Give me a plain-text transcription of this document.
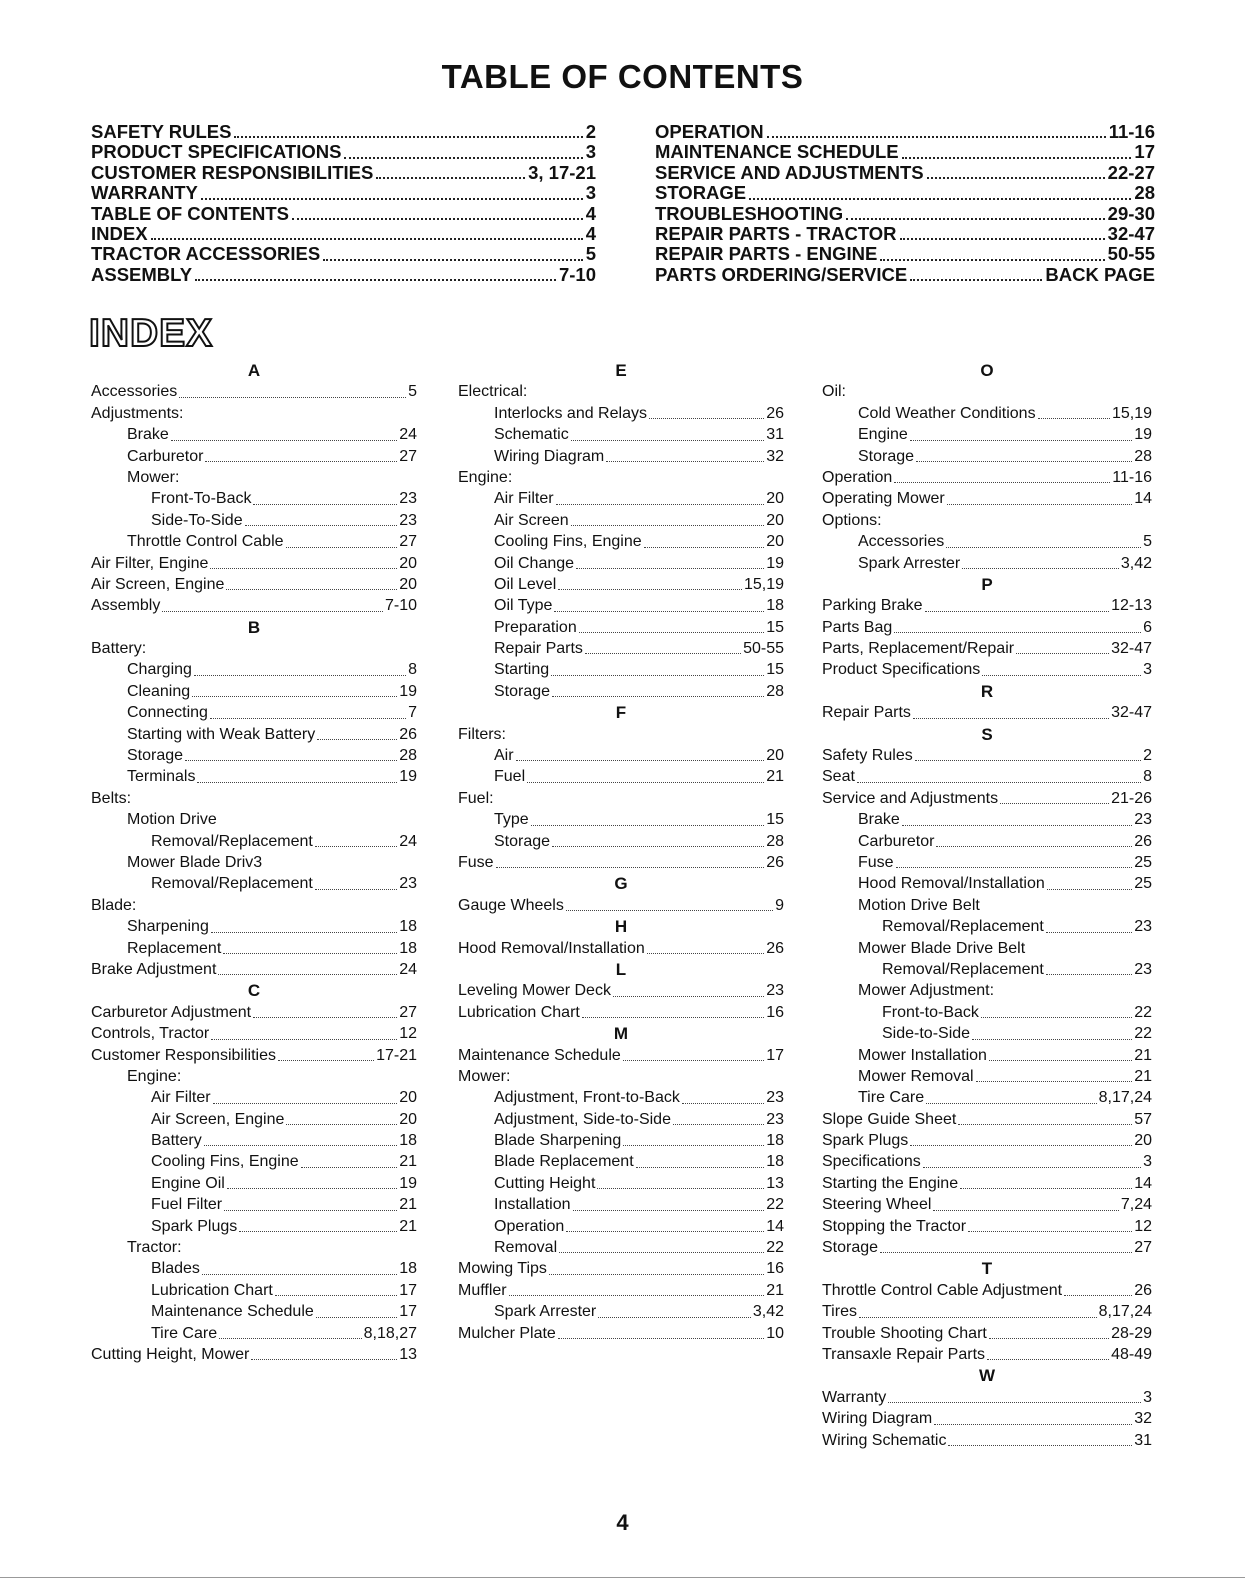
TABLE OF CONTENTS
SAFETY RULES	2
PRODUCT SPECIFICATIONS	3
CUSTOMER RESPONSIBILITIES	3, 17-21
WARRANTY	3
TABLE OF CONTENTS	4
INDEX	4
TRACTOR ACCESSORIES	5
ASSEMBLY	7-10
OPERATION	11-16
MAINTENANCE SCHEDULE	17
SERVICE AND ADJUSTMENTS	22-27
STORAGE	28
TROUBLESHOOTING	29-30
REPAIR PARTS - TRACTOR	32-47
REPAIR PARTS - ENGINE	50-55
PARTS ORDERING/SERVICE	BACK PAGE
INDEX
A
Accessories	5
Adjustments:
Brake	24
Carburetor	27
Mower:
Front-To-Back	23
Side-To-Side	23
Throttle Control Cable	27
Air Filter, Engine	20
Air Screen, Engine	20
Assembly	7-10
B
Battery:
Charging	8
Cleaning	19
Connecting	7
Starting with Weak Battery	26
Storage	28
Terminals	19
Belts:
Motion Drive
Removal/Replacement	24
Mower Blade Driv3
Removal/Replacement	23
Blade:
Sharpening	18
Replacement	18
Brake Adjustment	24
C
Carburetor Adjustment	27
Controls, Tractor	12
Customer Responsibilities	17-21
Engine:
Air Filter	20
Air Screen, Engine	20
Battery	18
Cooling Fins, Engine	21
Engine Oil	19
Fuel Filter	21
Spark Plugs	21
Tractor:
Blades	18
Lubrication Chart	17
Maintenance Schedule	17
Tire Care	8,18,27
Cutting Height, Mower	13
E
Electrical:
Interlocks and Relays	26
Schematic	31
Wiring Diagram	32
Engine:
Air Filter	20
Air Screen	20
Cooling Fins, Engine	20
Oil Change	19
Oil Level	15,19
Oil Type	18
Preparation	15
Repair Parts	50-55
Starting	15
Storage	28
F
Filters:
Air	20
Fuel	21
Fuel:
Type	15
Storage	28
Fuse	26
G
Gauge Wheels	9
H
Hood Removal/Installation	26
L
Leveling Mower Deck	23
Lubrication Chart	16
M
Maintenance Schedule	17
Mower:
Adjustment, Front-to-Back	23
Adjustment, Side-to-Side	23
Blade Sharpening	18
Blade Replacement	18
Cutting Height	13
Installation	22
Operation	14
Removal	22
Mowing Tips	16
Muffler	21
Spark Arrester	3,42
Mulcher Plate	10
O
Oil:
Cold Weather Conditions	15,19
Engine	19
Storage	28
Operation	11-16
Operating Mower	14
Options:
Accessories	5
Spark Arrester	3,42
P
Parking Brake	12-13
Parts Bag	6
Parts, Replacement/Repair	32-47
Product Specifications	3
R
Repair Parts	32-47
S
Safety Rules	2
Seat	8
Service and Adjustments	21-26
Brake	23
Carburetor	26
Fuse	25
Hood Removal/Installation	25
Motion Drive Belt
Removal/Replacement	23
Mower Blade Drive Belt
Removal/Replacement	23
Mower Adjustment:
Front-to-Back	22
Side-to-Side	22
Mower Installation	21
Mower Removal	21
Tire Care	8,17,24
Slope Guide Sheet	57
Spark Plugs	20
Specifications	3
Starting the Engine	14
Steering Wheel	7,24
Stopping the Tractor	12
Storage	27
T
Throttle Control Cable Adjustment	26
Tires	8,17,24
Trouble Shooting Chart	28-29
Transaxle Repair Parts	48-49
W
Warranty	3
Wiring Diagram	32
Wiring Schematic	31
4
